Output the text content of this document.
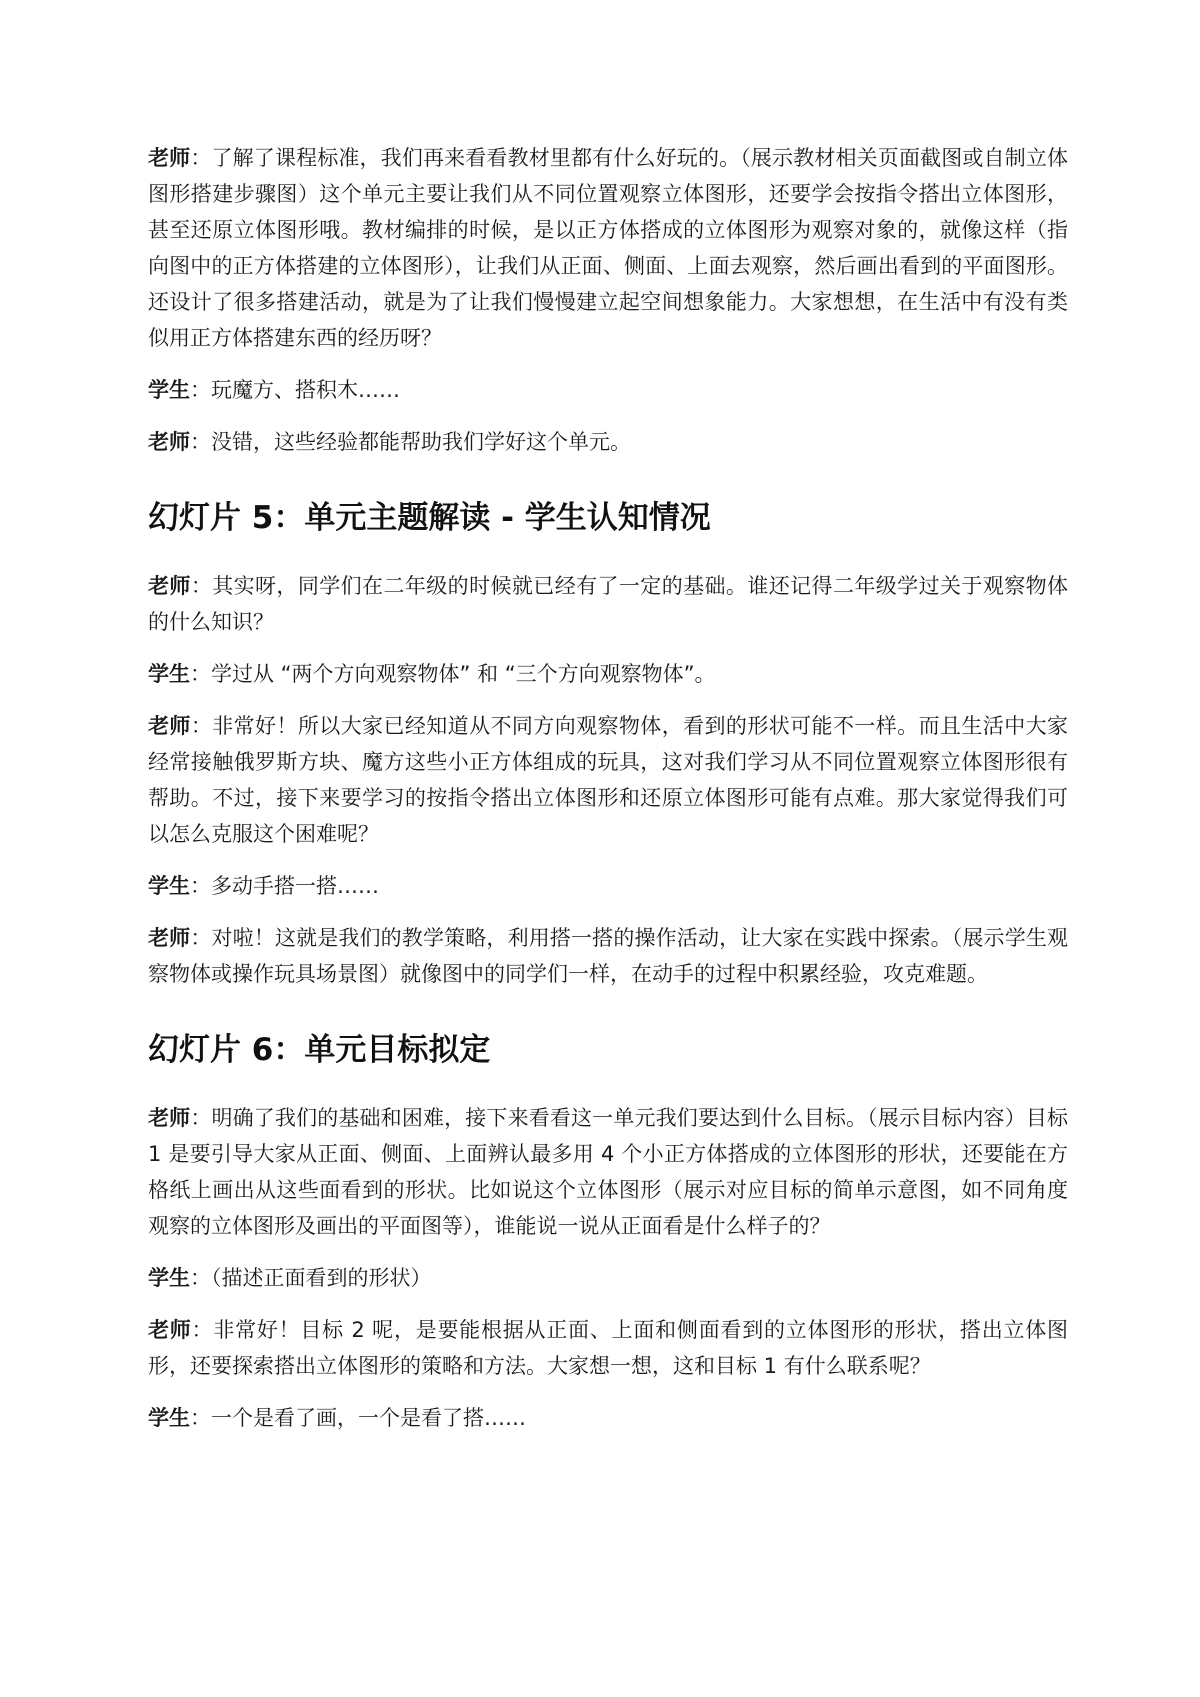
老师：了解了课程标准，我们再来看看教材里都有什么好玩的。（展示教材相关页面截图或自制立体图形搭建步骤图）这个单元主要让我们从不同位置观察立体图形，还要学会按指令搭出立体图形，甚至还原立体图形哦。教材编排的时候，是以正方体搭成的立体图形为观察对象的，就像这样（指向图中的正方体搭建的立体图形），让我们从正面、侧面、上面去观察，然后画出看到的平面图形。还设计了很多搭建活动，就是为了让我们慢慢建立起空间想象能力。大家想想，在生活中有没有类似用正方体搭建东西的经历呀？

学生：玩魔方、搭积木……

老师：没错，这些经验都能帮助我们学好这个单元。

幻灯片 5：单元主题解读 - 学生认知情况

老师：其实呀，同学们在二年级的时候就已经有了一定的基础。谁还记得二年级学过关于观察物体的什么知识？

学生：学过从 “两个方向观察物体” 和 “三个方向观察物体”。

老师：非常好！所以大家已经知道从不同方向观察物体，看到的形状可能不一样。而且生活中大家经常接触俄罗斯方块、魔方这些小正方体组成的玩具，这对我们学习从不同位置观察立体图形很有帮助。不过，接下来要学习的按指令搭出立体图形和还原立体图形可能有点难。那大家觉得我们可以怎么克服这个困难呢？

学生：多动手搭一搭……

老师：对啦！这就是我们的教学策略，利用搭一搭的操作活动，让大家在实践中探索。（展示学生观察物体或操作玩具场景图）就像图中的同学们一样，在动手的过程中积累经验，攻克难题。

幻灯片 6：单元目标拟定

老师：明确了我们的基础和困难，接下来看看这一单元我们要达到什么目标。（展示目标内容）目标 1 是要引导大家从正面、侧面、上面辨认最多用 4 个小正方体搭成的立体图形的形状，还要能在方格纸上画出从这些面看到的形状。比如说这个立体图形（展示对应目标的简单示意图，如不同角度观察的立体图形及画出的平面图等），谁能说一说从正面看是什么样子的？

学生：（描述正面看到的形状）

老师：非常好！目标 2 呢，是要能根据从正面、上面和侧面看到的立体图形的形状，搭出立体图形，还要探索搭出立体图形的策略和方法。大家想一想，这和目标 1 有什么联系呢？

学生：一个是看了画，一个是看了搭……
